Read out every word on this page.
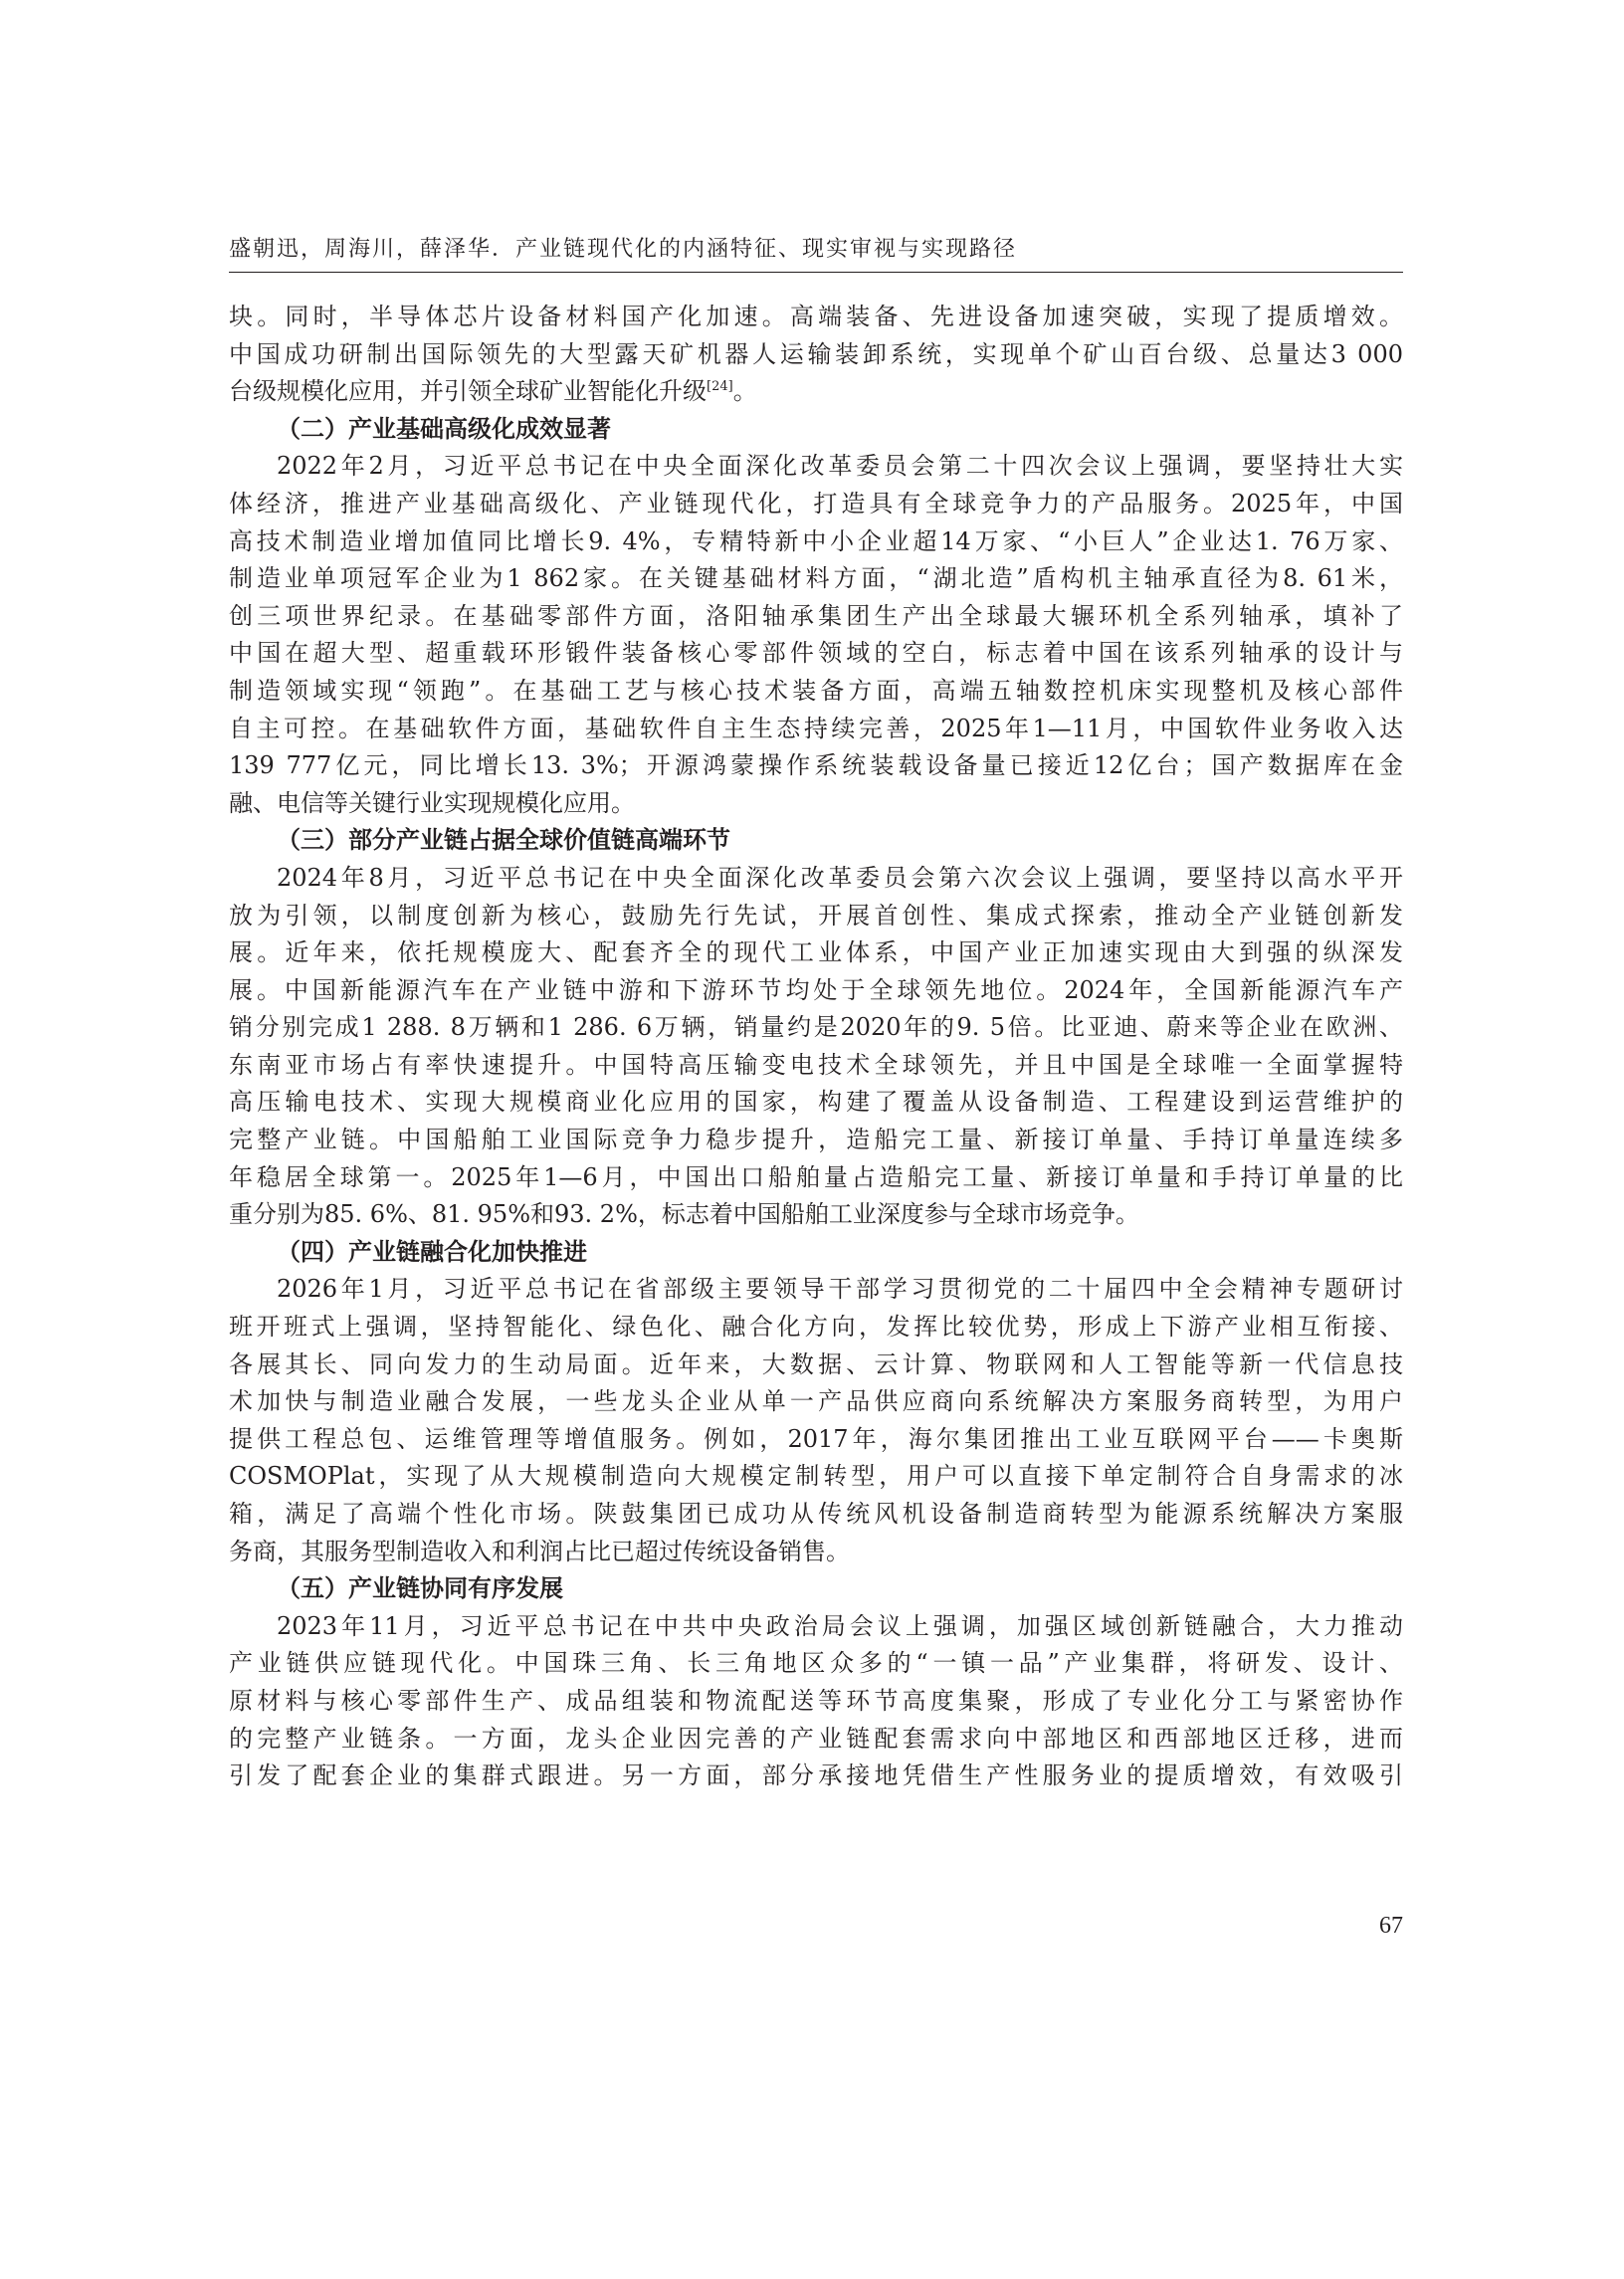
盛朝迅，周海川，薛泽华．产业链现代化的内涵特征、现实审视与实现路径
块。同时，半导体芯片设备材料国产化加速。高端装备、先进设备加速突破，实现了提质增效。
中国成功研制出国际领先的大型露天矿机器人运输装卸系统，实现单个矿山百台级、总量达3 000
台级规模化应用，并引领全球矿业智能化升级[24]。
（二）产业基础高级化成效显著
2022年2月，习近平总书记在中央全面深化改革委员会第二十四次会议上强调，要坚持壮大实
体经济，推进产业基础高级化、产业链现代化，打造具有全球竞争力的产品服务。2025年，中国
高技术制造业增加值同比增长9. 4%，专精特新中小企业超14万家、“小巨人”企业达1. 76万家、
制造业单项冠军企业为1 862家。在关键基础材料方面，“湖北造”盾构机主轴承直径为8. 61米，
创三项世界纪录。在基础零部件方面，洛阳轴承集团生产出全球最大辗环机全系列轴承，填补了
中国在超大型、超重载环形锻件装备核心零部件领域的空白，标志着中国在该系列轴承的设计与
制造领域实现“领跑”。在基础工艺与核心技术装备方面，高端五轴数控机床实现整机及核心部件
自主可控。在基础软件方面，基础软件自主生态持续完善，2025年1—11月，中国软件业务收入达
139 777亿元，同比增长13. 3%；开源鸿蒙操作系统装载设备量已接近12亿台；国产数据库在金
融、电信等关键行业实现规模化应用。
（三）部分产业链占据全球价值链高端环节
2024年8月，习近平总书记在中央全面深化改革委员会第六次会议上强调，要坚持以高水平开
放为引领，以制度创新为核心，鼓励先行先试，开展首创性、集成式探索，推动全产业链创新发
展。近年来，依托规模庞大、配套齐全的现代工业体系，中国产业正加速实现由大到强的纵深发
展。中国新能源汽车在产业链中游和下游环节均处于全球领先地位。2024年，全国新能源汽车产
销分别完成1 288. 8万辆和1 286. 6万辆，销量约是2020年的9. 5倍。比亚迪、蔚来等企业在欧洲、
东南亚市场占有率快速提升。中国特高压输变电技术全球领先，并且中国是全球唯一全面掌握特
高压输电技术、实现大规模商业化应用的国家，构建了覆盖从设备制造、工程建设到运营维护的
完整产业链。中国船舶工业国际竞争力稳步提升，造船完工量、新接订单量、手持订单量连续多
年稳居全球第一。2025年1—6月，中国出口船舶量占造船完工量、新接订单量和手持订单量的比
重分别为85. 6%、81. 95%和93. 2%，标志着中国船舶工业深度参与全球市场竞争。
（四）产业链融合化加快推进
2026年1月，习近平总书记在省部级主要领导干部学习贯彻党的二十届四中全会精神专题研讨
班开班式上强调，坚持智能化、绿色化、融合化方向，发挥比较优势，形成上下游产业相互衔接、
各展其长、同向发力的生动局面。近年来，大数据、云计算、物联网和人工智能等新一代信息技
术加快与制造业融合发展，一些龙头企业从单一产品供应商向系统解决方案服务商转型，为用户
提供工程总包、运维管理等增值服务。例如，2017年，海尔集团推出工业互联网平台——卡奥斯
COSMOPlat，实现了从大规模制造向大规模定制转型，用户可以直接下单定制符合自身需求的冰
箱，满足了高端个性化市场。陕鼓集团已成功从传统风机设备制造商转型为能源系统解决方案服
务商，其服务型制造收入和利润占比已超过传统设备销售。
（五）产业链协同有序发展
2023年11月，习近平总书记在中共中央政治局会议上强调，加强区域创新链融合，大力推动
产业链供应链现代化。中国珠三角、长三角地区众多的“一镇一品”产业集群，将研发、设计、
原材料与核心零部件生产、成品组装和物流配送等环节高度集聚，形成了专业化分工与紧密协作
的完整产业链条。一方面，龙头企业因完善的产业链配套需求向中部地区和西部地区迁移，进而
引发了配套企业的集群式跟进。另一方面，部分承接地凭借生产性服务业的提质增效，有效吸引
67
